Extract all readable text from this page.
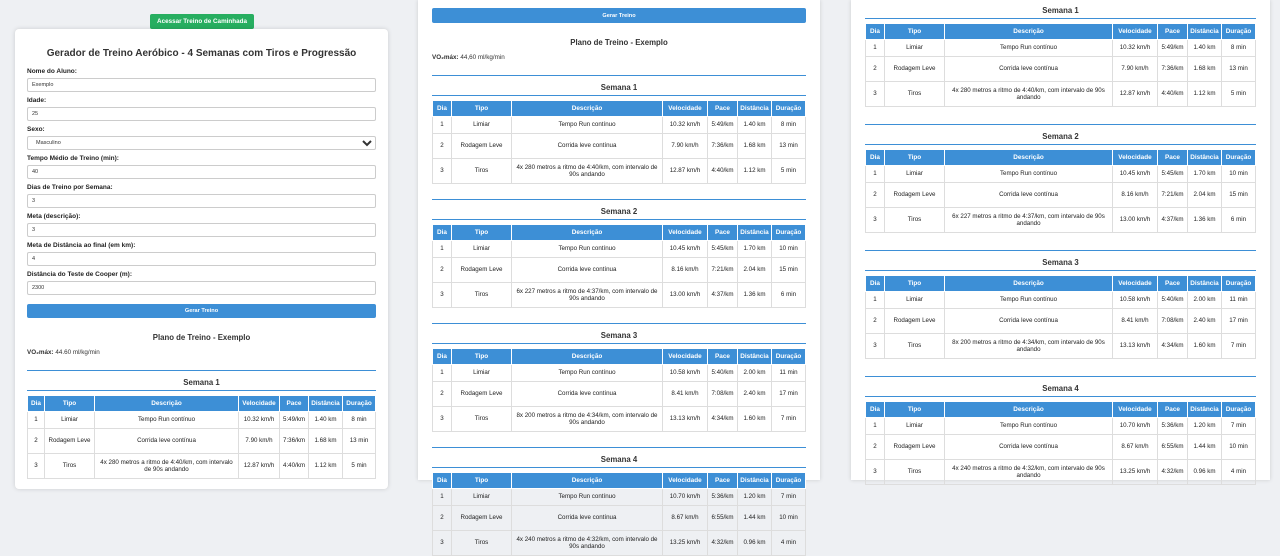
Acessar Treino de Caminhada
Gerador de Treino Aeróbico - 4 Semanas com Tiros e Progressão
Nome do Aluno:
Exemplo
Idade:
25
Sexo:
Masculino
Tempo Médio de Treino (min):
40
Dias de Treino por Semana:
3
Meta (descrição):
3
Meta de Distância ao final (em km):
4
Distância do Teste de Cooper (m):
2300
Gerar Treino
Plano de Treino - Exemplo
VO₂máx: 44.60 ml/kg/min
Semana 1
Dia	Tipo	Descrição	Velocidade	Pace	Distância	Duração
1	Limiar	Tempo Run contínuo	10.32 km/h	5:49/km	1.40 km	8 min
2	Rodagem Leve	Corrida leve contínua	7.90 km/h	7:36/km	1.68 km	13 min
3	Tiros	4x 280 metros a ritmo de 4:40/km, com intervalo de 90s andando	12.87 km/h	4:40/km	1.12 km	5 min
Gerar Treino
Plano de Treino - Exemplo
VO₂máx: 44,60 ml/kg/min
Semana 1
Dia	Tipo	Descrição	Velocidade	Pace	Distância	Duração
1	Limiar	Tempo Run contínuo	10.32 km/h	5:49/km	1.40 km	8 min
2	Rodagem Leve	Corrida leve contínua	7.90 km/h	7:36/km	1.68 km	13 min
3	Tiros	4x 280 metros a ritmo de 4:40/km, com intervalo de 90s andando	12.87 km/h	4:40/km	1.12 km	5 min
Semana 2
Dia	Tipo	Descrição	Velocidade	Pace	Distância	Duração
1	Limiar	Tempo Run contínuo	10.45 km/h	5:45/km	1.70 km	10 min
2	Rodagem Leve	Corrida leve contínua	8.16 km/h	7:21/km	2.04 km	15 min
3	Tiros	6x 227 metros a ritmo de 4:37/km, com intervalo de 90s andando	13.00 km/h	4:37/km	1.36 km	6 min
Semana 3
Dia	Tipo	Descrição	Velocidade	Pace	Distância	Duração
1	Limiar	Tempo Run contínuo	10.58 km/h	5:40/km	2.00 km	11 min
2	Rodagem Leve	Corrida leve contínua	8.41 km/h	7:08/km	2.40 km	17 min
3	Tiros	8x 200 metros a ritmo de 4:34/km, com intervalo de 90s andando	13.13 km/h	4:34/km	1.60 km	7 min
Semana 4
Dia	Tipo	Descrição	Velocidade	Pace	Distância	Duração
1	Limiar	Tempo Run contínuo	10.70 km/h	5:36/km	1.20 km	7 min
2	Rodagem Leve	Corrida leve contínua	8.67 km/h	6:55/km	1.44 km	10 min
3	Tiros	4x 240 metros a ritmo de 4:32/km, com intervalo de 90s andando	13.25 km/h	4:32/km	0.96 km	4 min
Semana 1
Dia	Tipo	Descrição	Velocidade	Pace	Distância	Duração
1	Limiar	Tempo Run contínuo	10.32 km/h	5:49/km	1.40 km	8 min
2	Rodagem Leve	Corrida leve contínua	7.90 km/h	7:36/km	1.68 km	13 min
3	Tiros	4x 280 metros a ritmo de 4:40/km, com intervalo de 90s andando	12.87 km/h	4:40/km	1.12 km	5 min
Semana 2
Dia	Tipo	Descrição	Velocidade	Pace	Distância	Duração
1	Limiar	Tempo Run contínuo	10.45 km/h	5:45/km	1.70 km	10 min
2	Rodagem Leve	Corrida leve contínua	8.16 km/h	7:21/km	2.04 km	15 min
3	Tiros	6x 227 metros a ritmo de 4:37/km, com intervalo de 90s andando	13.00 km/h	4:37/km	1.36 km	6 min
Semana 3
Dia	Tipo	Descrição	Velocidade	Pace	Distância	Duração
1	Limiar	Tempo Run contínuo	10.58 km/h	5:40/km	2.00 km	11 min
2	Rodagem Leve	Corrida leve contínua	8.41 km/h	7:08/km	2.40 km	17 min
3	Tiros	8x 200 metros a ritmo de 4:34/km, com intervalo de 90s andando	13.13 km/h	4:34/km	1.60 km	7 min
Semana 4
Dia	Tipo	Descrição	Velocidade	Pace	Distância	Duração
1	Limiar	Tempo Run contínuo	10.70 km/h	5:36/km	1.20 km	7 min
2	Rodagem Leve	Corrida leve contínua	8.67 km/h	6:55/km	1.44 km	10 min
3	Tiros	4x 240 metros a ritmo de 4:32/km, com intervalo de 90s andando	13.25 km/h	4:32/km	0.96 km	4 min
